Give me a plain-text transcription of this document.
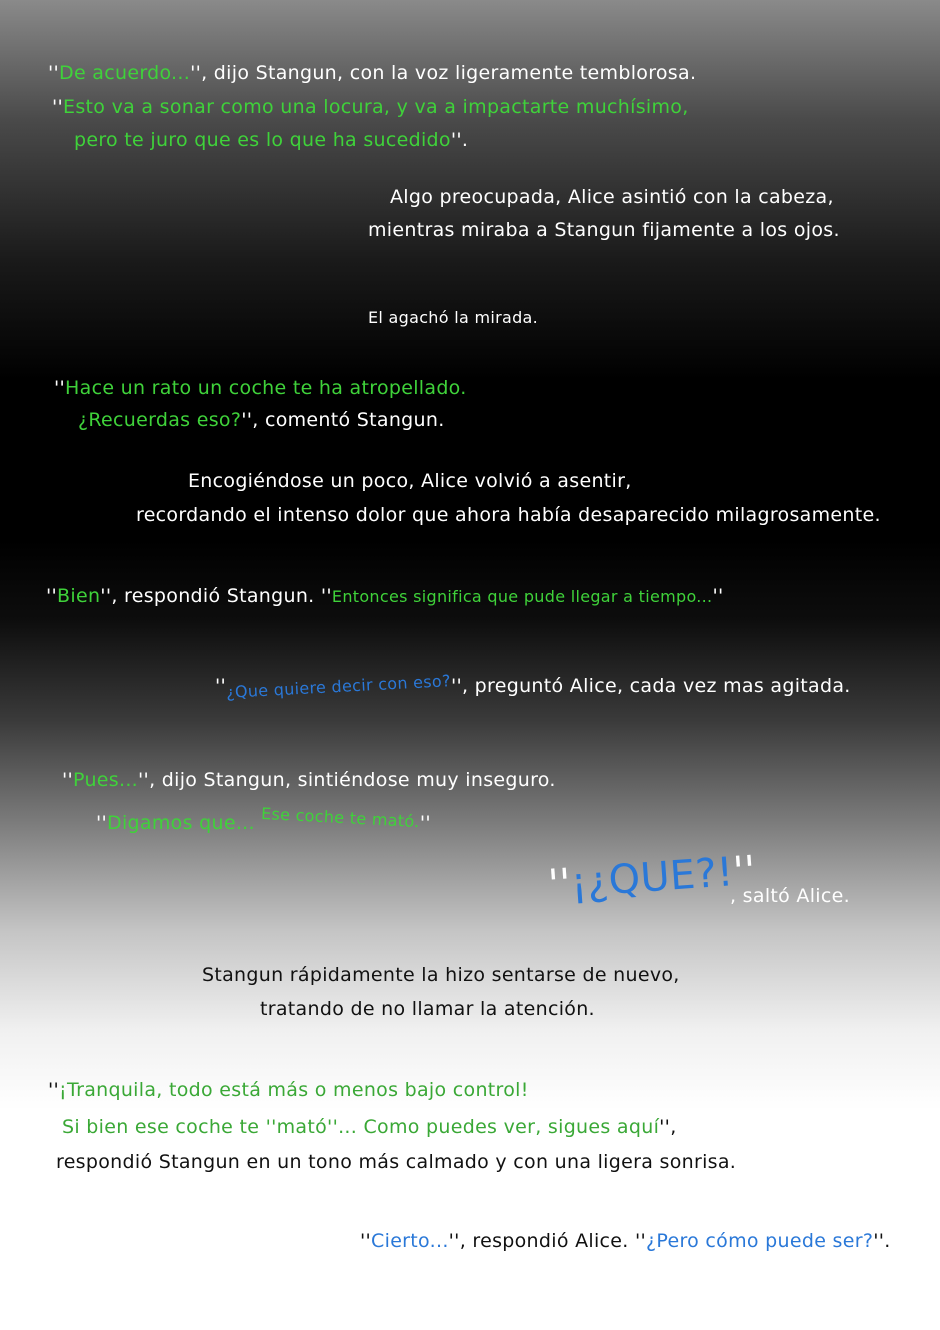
''De acuerdo...'', dijo Stangun, con la voz ligeramente temblorosa.
''Esto va a sonar como una locura, y va a impactarte muchísimo,
pero te juro que es lo que ha sucedido''.
Algo preocupada, Alice asintió con la cabeza,
mientras miraba a Stangun fijamente a los ojos.
El agachó la mirada.
''Hace un rato un coche te ha atropellado.
¿Recuerdas eso?'', comentó Stangun.
Encogiéndose un poco, Alice volvió a asentir,
recordando el intenso dolor que ahora había desaparecido milagrosamente.
''Bien'', respondió Stangun. ''Entonces significa que pude llegar a tiempo...''
''¿Que quiere decir con eso?'', preguntó Alice, cada vez mas agitada.
''Pues...'', dijo Stangun, sintiéndose muy inseguro.
''Digamos que... Ese coche te mató.''
''¡¿QUE?!''
, saltó Alice.
Stangun rápidamente la hizo sentarse de nuevo,
tratando de no llamar la atención.
''¡Tranquila, todo está más o menos bajo control!
Si bien ese coche te ''mató''... Como puedes ver, sigues aquí'',
respondió Stangun en un tono más calmado y con una ligera sonrisa.
''Cierto...'', respondió Alice. ''¿Pero cómo puede ser?''.
